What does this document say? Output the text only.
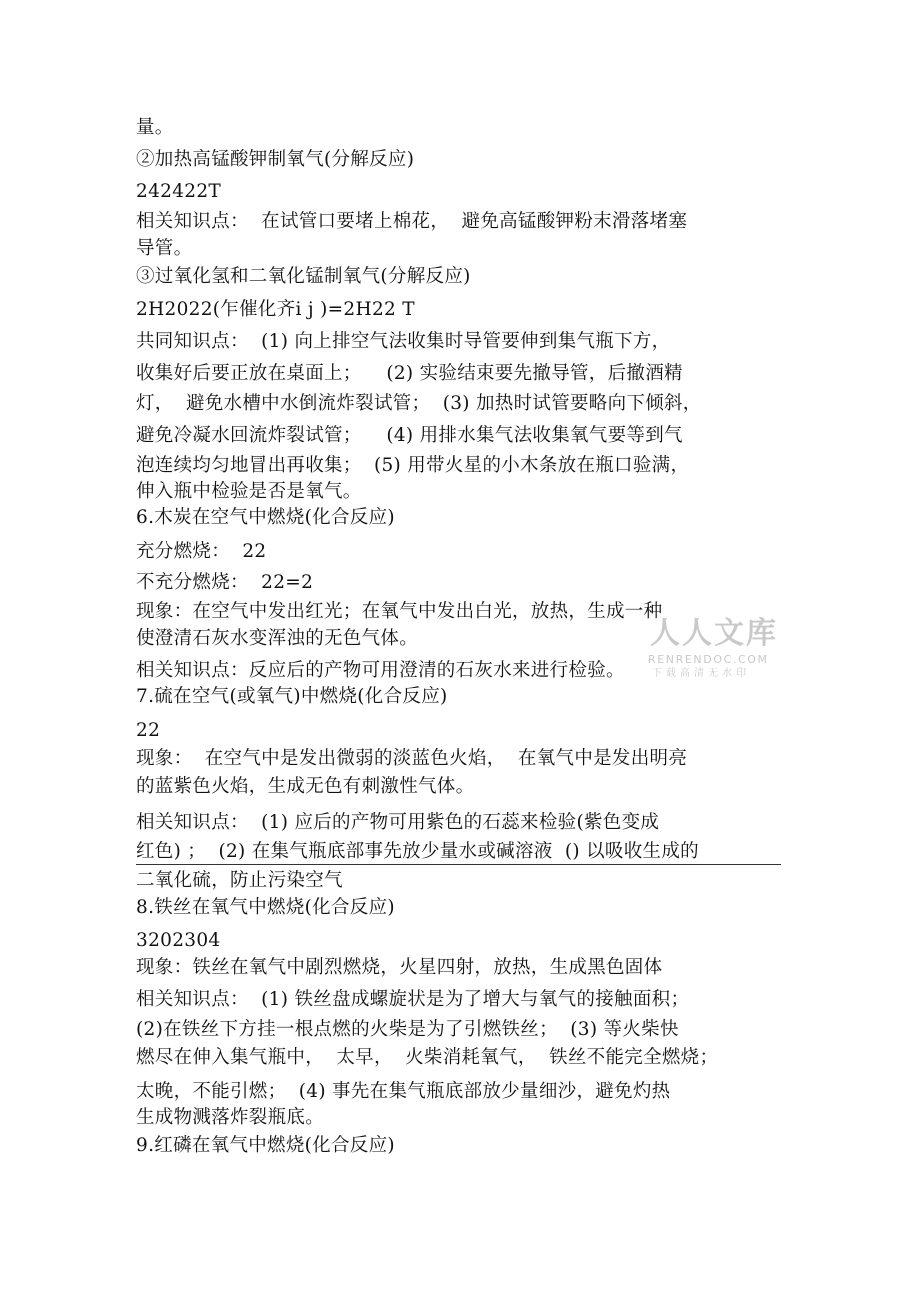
量。
②加热高锰酸钾制氧气(分解反应)
242422T
相关知识点：  在试管口要堵上棉花，  避免高锰酸钾粉末滑落堵塞
导管。
③过氧化氢和二氧化锰制氧气(分解反应)
2H2022(乍催化齐i j )=2H22 T
共同知识点：  (1) 向上排空气法收集时导管要伸到集气瓶下方，
收集好后要正放在桌面上；    (2) 实验结束要先撤导管，后撤酒精
灯，  避免水槽中水倒流炸裂试管；  (3) 加热时试管要略向下倾斜，
避免冷凝水回流炸裂试管；    (4) 用排水集气法收集氧气要等到气
泡连续均匀地冒出再收集；  (5) 用带火星的小木条放在瓶口验满，
伸入瓶中检验是否是氧气。
6.木炭在空气中燃烧(化合反应)
充分燃烧：  22
不充分燃烧：  22=2
现象：在空气中发出红光；在氧气中发出白光，放热，生成一种
使澄清石灰水变浑浊的无色气体。
相关知识点：反应后的产物可用澄清的石灰水来进行检验。
7.硫在空气(或氧气)中燃烧(化合反应)
22
现象：  在空气中是发出微弱的淡蓝色火焰，  在氧气中是发出明亮
的蓝紫色火焰，生成无色有刺激性气体。
相关知识点：  (1) 应后的产物可用紫色的石蕊来检验(紫色变成
红色) ；  (2) 在集气瓶底部事先放少量水或碱溶液  () 以吸收生成的
二氧化硫，防止污染空气
8.铁丝在氧气中燃烧(化合反应)
3202304
现象：铁丝在氧气中剧烈燃烧，火星四射，放热，生成黑色固体
相关知识点：  (1) 铁丝盘成螺旋状是为了增大与氧气的接触面积；
(2)在铁丝下方挂一根点燃的火柴是为了引燃铁丝；  (3) 等火柴快
燃尽在伸入集气瓶中，  太早，  火柴消耗氧气，  铁丝不能完全燃烧；
太晚，不能引燃；  (4) 事先在集气瓶底部放少量细沙，避免灼热
生成物溅落炸裂瓶底。
9.红磷在氧气中燃烧(化合反应)
人人文库
RENRENDOC.COM
下载高清无水印
